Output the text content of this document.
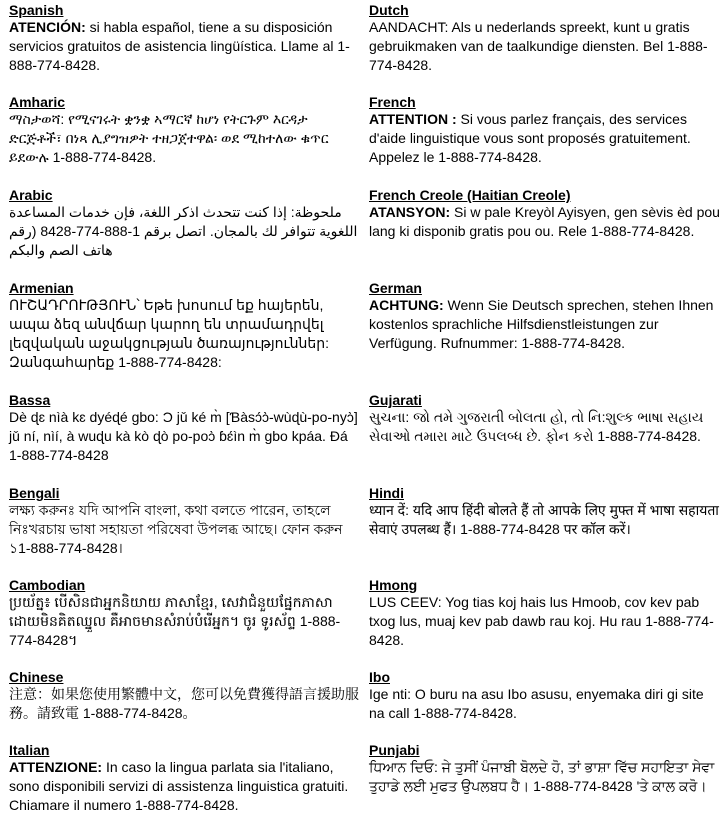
Spanish
ATENCIÓN: si habla español, tiene a su disposición servicios gratuitos de asistencia lingüística. Llame al 1-888-774-8428.
Amharic
ማስታወሻ: የሚናገሩት ቋንቋ ኣማርኛ ከሆነ የትርጉም እርዳታ ድርጅቶች፣ በነጻ ሊያግዝዎት ተዘጋጀተዋል፡ ወደ ሚከተለው ቁጥር ይደውሉ 1-888-774-8428.
Arabic
ملحوظة: إذا كنت تتحدث اذكر اللغة، فإن خدمات المساعدة اللغوية تتوافر لك بالمجان. اتصل برقم 1-888-774-8428 (رقم هاتف الصم والبكم
Armenian
ՈՒՇԱԴՐՈՒԹՅՈՒՆ՝ Եթե խոսում եք հայերեն, ապա ձեզ անվճար կարող են տրամադրվել լեզվական աջակցության ծառայություններ: Զանգահարեք 1-888-774-8428:
Bassa
Dè ɖɛ nìà kɛ dyéɖé gbo: Ɔ jǔ ké m̀ [Ɓàsɔ́ɔ̀-wùɖù-po-nyɔ̀] jǔ ní, nìí, à wuɖu kà kò ɖò po-poɔ̀ ɓɛ́ìn m̀ gbo kpáa. Ɖá 1-888-774-8428
Bengali
লক্ষ্য করুনঃ যদি আপনি বাংলা, কথা বলতে পারেন, তাহলে নিঃখরচায় ভাষা সহায়তা পরিষেবা উপলব্ধ আছে। ফোন করুন ১1-888-774-8428।
Cambodian
ប្រយ័ត្ន៖ បើសិនជាអ្នកនិយាយ ភាសាខ្មែរ, សេវាជំនួយផ្នែកភាសា ដោយមិនគិតឈ្នួល គឺអាចមានសំរាប់បំរើអ្នក។ ចូរ ទូរស័ព្ទ 1-888-774-8428។
Chinese
注意：如果您使用繁體中文，您可以免費獲得語言援助服務。請致電 1-888-774-8428。
Italian
ATTENZIONE: In caso la lingua parlata sia l'italiano, sono disponibili servizi di assistenza linguistica gratuiti. Chiamare il numero 1-888-774-8428.
Dutch
AANDACHT: Als u nederlands spreekt, kunt u gratis gebruikmaken van de taalkundige diensten. Bel 1-888-774-8428.
French
ATTENTION : Si vous parlez français, des services d'aide linguistique vous sont proposés gratuitement. Appelez le 1-888-774-8428.
French Creole (Haitian Creole)
ATANSYON: Si w pale Kreyòl Ayisyen, gen sèvis èd pou lang ki disponib gratis pou ou. Rele 1-888-774-8428.
German
ACHTUNG: Wenn Sie Deutsch sprechen, stehen Ihnen kostenlos sprachliche Hilfsdienstleistungen zur Verfügung. Rufnummer: 1-888-774-8428.
Gujarati
સુચના: જો તમે ગુજરાતી બોલતા હો, તો નિ:શુલ્ક ભાષા સહાય સેવાઓ તમારા માટે ઉપલબ્ધ છે. ફોન કરો 1-888-774-8428.
Hindi
ध्यान दें: यदि आप हिंदी बोलते हैं तो आपके लिए मुफ्त में भाषा सहायता सेवाएं उपलब्ध हैं। 1-888-774-8428 पर कॉल करें।
Hmong
LUS CEEV: Yog tias koj hais lus Hmoob, cov kev pab txog lus, muaj kev pab dawb rau koj. Hu rau 1-888-774-8428.
Ibo
Ige nti: O buru na asu Ibo asusu, enyemaka diri gi site na call 1-888-774-8428.
Punjabi
ਧਿਆਨ ਦਿਓ: ਜੇ ਤੁਸੀਂ ਪੰਜਾਬੀ ਬੋਲਦੇ ਹੋ, ਤਾਂ ਭਾਸ਼ਾ ਵਿੱਚ ਸਹਾਇਤਾ ਸੇਵਾ ਤੁਹਾਡੇ ਲਈ ਮੁਫਤ ਉਪਲਬਧ ਹੈ। 1-888-774-8428 'ਤੇ ਕਾਲ ਕਰੋ।
